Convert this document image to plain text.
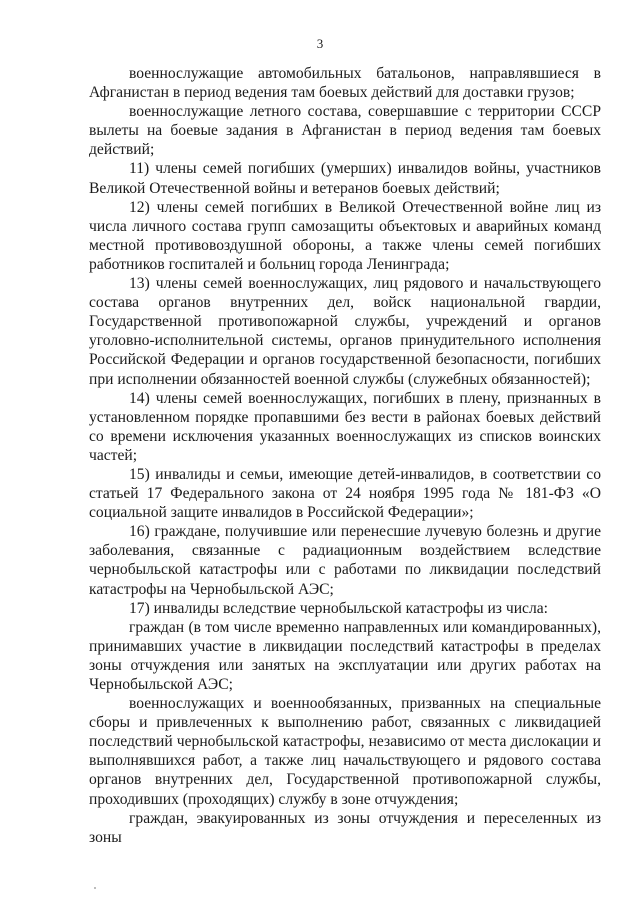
3

военнослужащие автомобильных батальонов, направлявшиеся в Афганистан в период ведения там боевых действий для доставки грузов;

военнослужащие летного состава, совершавшие с территории СССР вылеты на боевые задания в Афганистан в период ведения там боевых действий;

11) члены семей погибших (умерших) инвалидов войны, участников Великой Отечественной войны и ветеранов боевых действий;

12) члены семей погибших в Великой Отечественной войне лиц из числа личного состава групп самозащиты объектовых и аварийных команд местной противовоздушной обороны, а также члены семей погибших работников госпиталей и больниц города Ленинграда;

13) члены семей военнослужащих, лиц рядового и начальствующего состава органов внутренних дел, войск национальной гвардии, Государственной противопожарной службы, учреждений и органов уголовно-исполнительной системы, органов принудительного исполнения Российской Федерации и органов государственной безопасности, погибших при исполнении обязанностей военной службы (служебных обязанностей);

14) члены семей военнослужащих, погибших в плену, признанных в установленном порядке пропавшими без вести в районах боевых действий со времени исключения указанных военнослужащих из списков воинских частей;

15) инвалиды и семьи, имеющие детей-инвалидов, в соответствии со статьей 17 Федерального закона от 24 ноября 1995 года № 181-ФЗ «О социальной защите инвалидов в Российской Федерации»;

16) граждане, получившие или перенесшие лучевую болезнь и другие заболевания, связанные с радиационным воздействием вследствие чернобыльской катастрофы или с работами по ликвидации последствий катастрофы на Чернобыльской АЭС;

17) инвалиды вследствие чернобыльской катастрофы из числа:

граждан (в том числе временно направленных или командированных), принимавших участие в ликвидации последствий катастрофы в пределах зоны отчуждения или занятых на эксплуатации или других работах на Чернобыльской АЭС;

военнослужащих и военнообязанных, призванных на специальные сборы и привлеченных к выполнению работ, связанных с ликвидацией последствий чернобыльской катастрофы, независимо от места дислокации и выполнявшихся работ, а также лиц начальствующего и рядового состава органов внутренних дел, Государственной противопожарной службы, проходивших (проходящих) службу в зоне отчуждения;

граждан, эвакуированных из зоны отчуждения и переселенных из зоны
